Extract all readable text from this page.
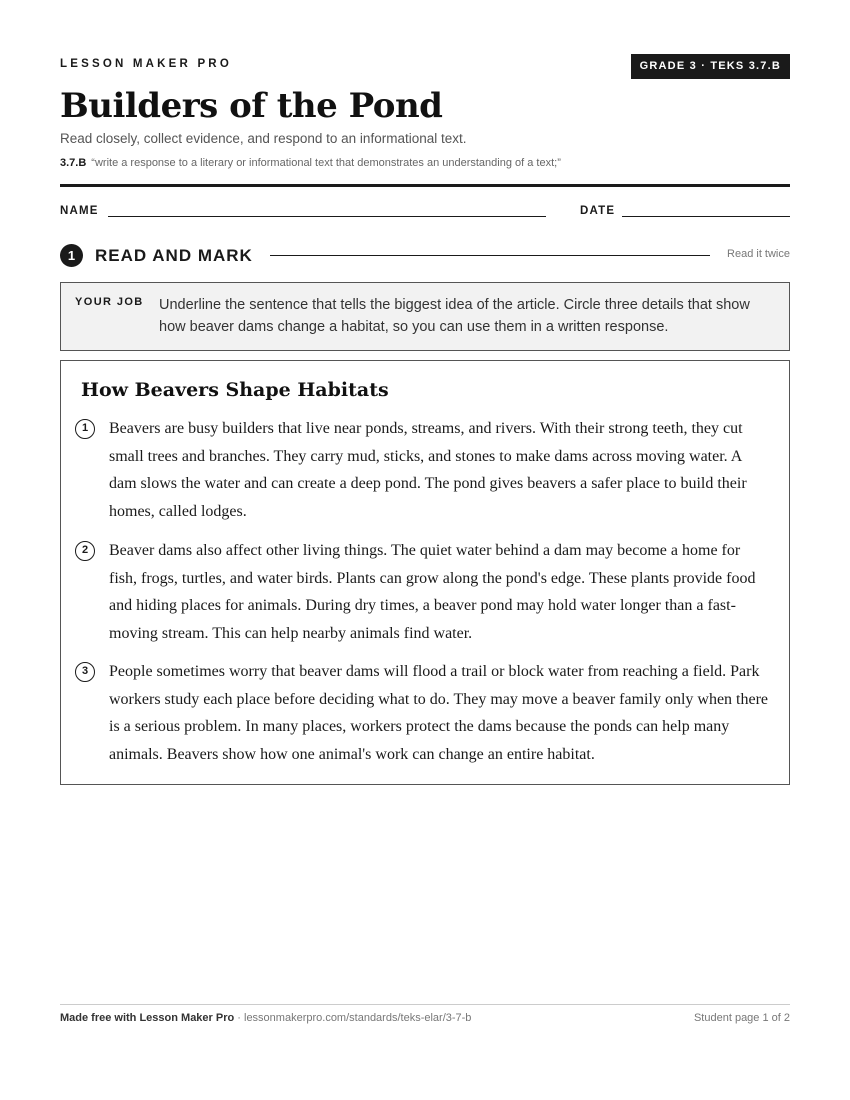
LESSON MAKER PRO	GRADE 3 · TEKS 3.7.B
Builders of the Pond
Read closely, collect evidence, and respond to an informational text.
3.7.B “write a response to a literary or informational text that demonstrates an understanding of a text;”
NAME	DATE
1	READ AND MARK	Read it twice
YOUR JOB Underline the sentence that tells the biggest idea of the article. Circle three details that show how beaver dams change a habitat, so you can use them in a written response.
How Beavers Shape Habitats
1	Beavers are busy builders that live near ponds, streams, and rivers. With their strong teeth, they cut small trees and branches. They carry mud, sticks, and stones to make dams across moving water. A dam slows the water and can create a deep pond. The pond gives beavers a safer place to build their homes, called lodges.
2	Beaver dams also affect other living things. The quiet water behind a dam may become a home for fish, frogs, turtles, and water birds. Plants can grow along the pond's edge. These plants provide food and hiding places for animals. During dry times, a beaver pond may hold water longer than a fast-moving stream. This can help nearby animals find water.
3	People sometimes worry that beaver dams will flood a trail or block water from reaching a field. Park workers study each place before deciding what to do. They may move a beaver family only when there is a serious problem. In many places, workers protect the dams because the ponds can help many animals. Beavers show how one animal's work can change an entire habitat.
Made free with Lesson Maker Pro · lessonmakerpro.com/standards/teks-elar/3-7-b	Student page 1 of 2
